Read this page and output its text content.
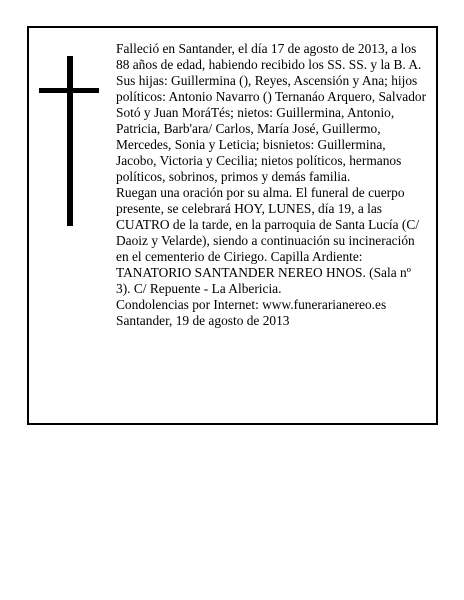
Falleció en Santander, el día 17 de agosto de 2013, a los 88 años de edad, habiendo recibido los SS. SS. y la B. A.

Sus hijas: Guillermina (), Reyes, Ascensión y Ana; hijos políticos: Antonio Navarro () Ternanáo Arquero, Salvador Sotó y Juan MoráTés; nietos: Guillermina, Antonio, Patricia, Barb'ara/ Carlos, María José, Guillermo, Mercedes, Sonia y Leticia; bisnietos: Guillermina, Jacobo, Victoria y Cecilia; nietos políticos, hermanos políticos, sobrinos, primos y demás familia.

Ruegan una oración por su alma. El funeral de cuerpo presente, se celebrará HOY, LUNES, día 19, a las CUATRO de la tarde, en la parroquia de Santa Lucía (C/ Daoiz y Velarde), siendo a continuación su incineración en el cementerio de Ciriego. Capilla Ardiente: TANATORIO SANTANDER NEREO HNOS. (Sala nº 3). C/ Repuente - La Albericia.

Condolencias por Internet: www.funerarianereo.es

Santander, 19 de agosto de 2013
